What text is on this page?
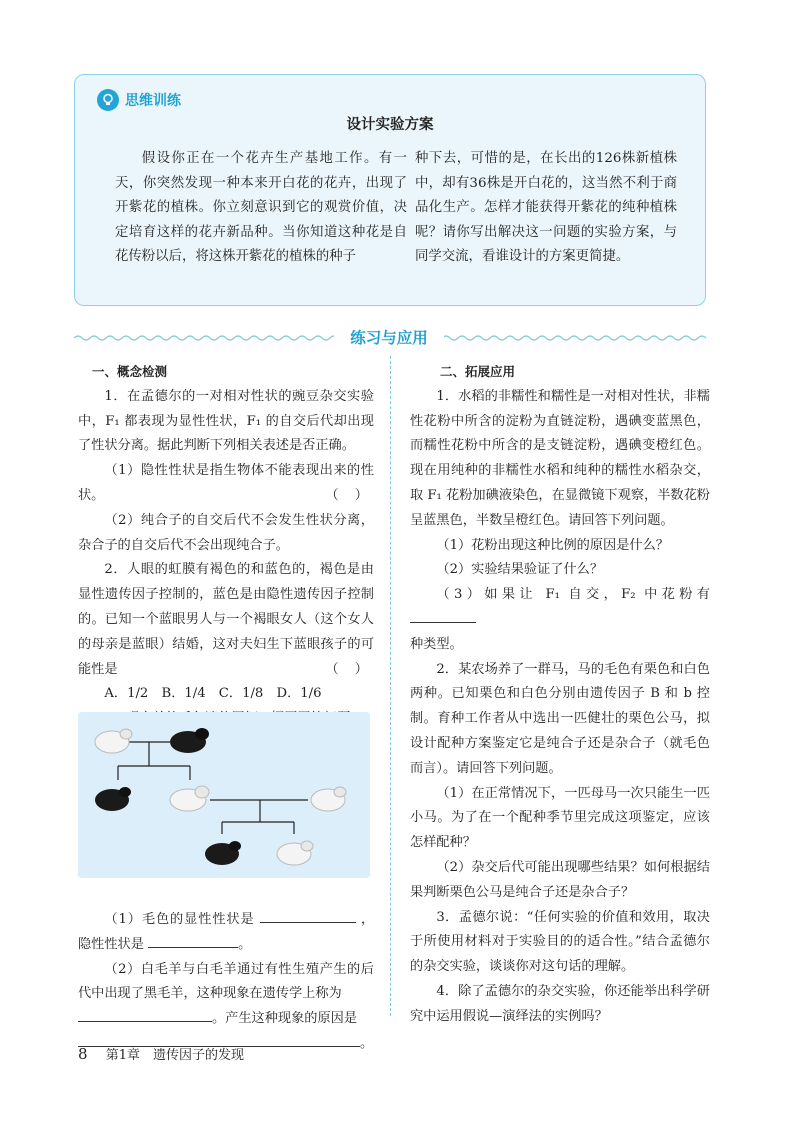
思维训练
设计实验方案
假设你正在一个花卉生产基地工作。有一天，你突然发现一种本来开白花的花卉，出现了开紫花的植株。你立刻意识到它的观赏价值，决定培育这样的花卉新品种。当你知道这种花是自花传粉以后，将这株开紫花的植株的种子
种下去，可惜的是，在长出的126株新植株中，却有36株是开白花的，这当然不利于商品化生产。怎样才能获得开紫花的纯种植株呢？请你写出解决这一问题的实验方案，与同学交流，看谁设计的方案更简捷。
练习与应用

一、概念检测

1．在孟德尔的一对相对性状的豌豆杂交实验中，F₁ 都表现为显性性状，F₁ 的自交后代却出现了性状分离。据此判断下列相关表述是否正确。

（1）隐性性状是指生物体不能表现出来的性状。	（ ）

（2）纯合子的自交后代不会发生性状分离，杂合子的自交后代不会出现纯合子。

2．人眼的虹膜有褐色的和蓝色的，褐色是由显性遗传因子控制的，蓝色是由隐性遗传因子控制的。已知一个蓝眼男人与一个褐眼女人（这个女人的母亲是蓝眼）结婚，这对夫妇生下蓝眼孩子的可能性是	（ ）

A．1/2　B．1/4　C．1/8　D．1/6

（1）毛色的显性性状是	，隐性性状是	。

（2）白毛羊与白毛羊通过有性生殖产生的后代中出现了黑毛羊，这种现象在遗传学上称为
。产生这种现象的原因是
。

二、拓展应用

1．水稻的非糯性和糯性是一对相对性状，非糯性花粉中所含的淀粉为直链淀粉，遇碘变蓝黑色，而糯性花粉中所含的是支链淀粉，遇碘变橙红色。现在用纯种的非糯性水稻和纯种的糯性水稻杂交，取 F₁ 花粉加碘液染色，在显微镜下观察，半数花粉呈蓝黑色，半数呈橙红色。请回答下列问题。

（1）花粉出现这种比例的原因是什么？

（2）实验结果验证了什么？

（3）如果让 F₁ 自交，F₂ 中花粉有
种类型。

2．某农场养了一群马，马的毛色有栗色和白色两种。已知栗色和白色分别由遗传因子 B 和 b 控制。育种工作者从中选出一匹健壮的栗色公马，拟设计配种方案鉴定它是纯合子还是杂合子（就毛色而言）。请回答下列问题。

（1）在正常情况下，一匹母马一次只能生一匹小马。为了在一个配种季节里完成这项鉴定，应该怎样配种？

（2）杂交后代可能出现哪些结果？如何根据结果判断栗色公马是纯合子还是杂合子？

3．孟德尔说：“任何实验的价值和效用，取决于所使用材料对于实验目的的适合性。”结合孟德尔的杂交实验，谈谈你对这句话的理解。

4．除了孟德尔的杂交实验，你还能举出科学研究中运用假说—演绎法的实例吗？

8 第1章　遗传因子的发现
